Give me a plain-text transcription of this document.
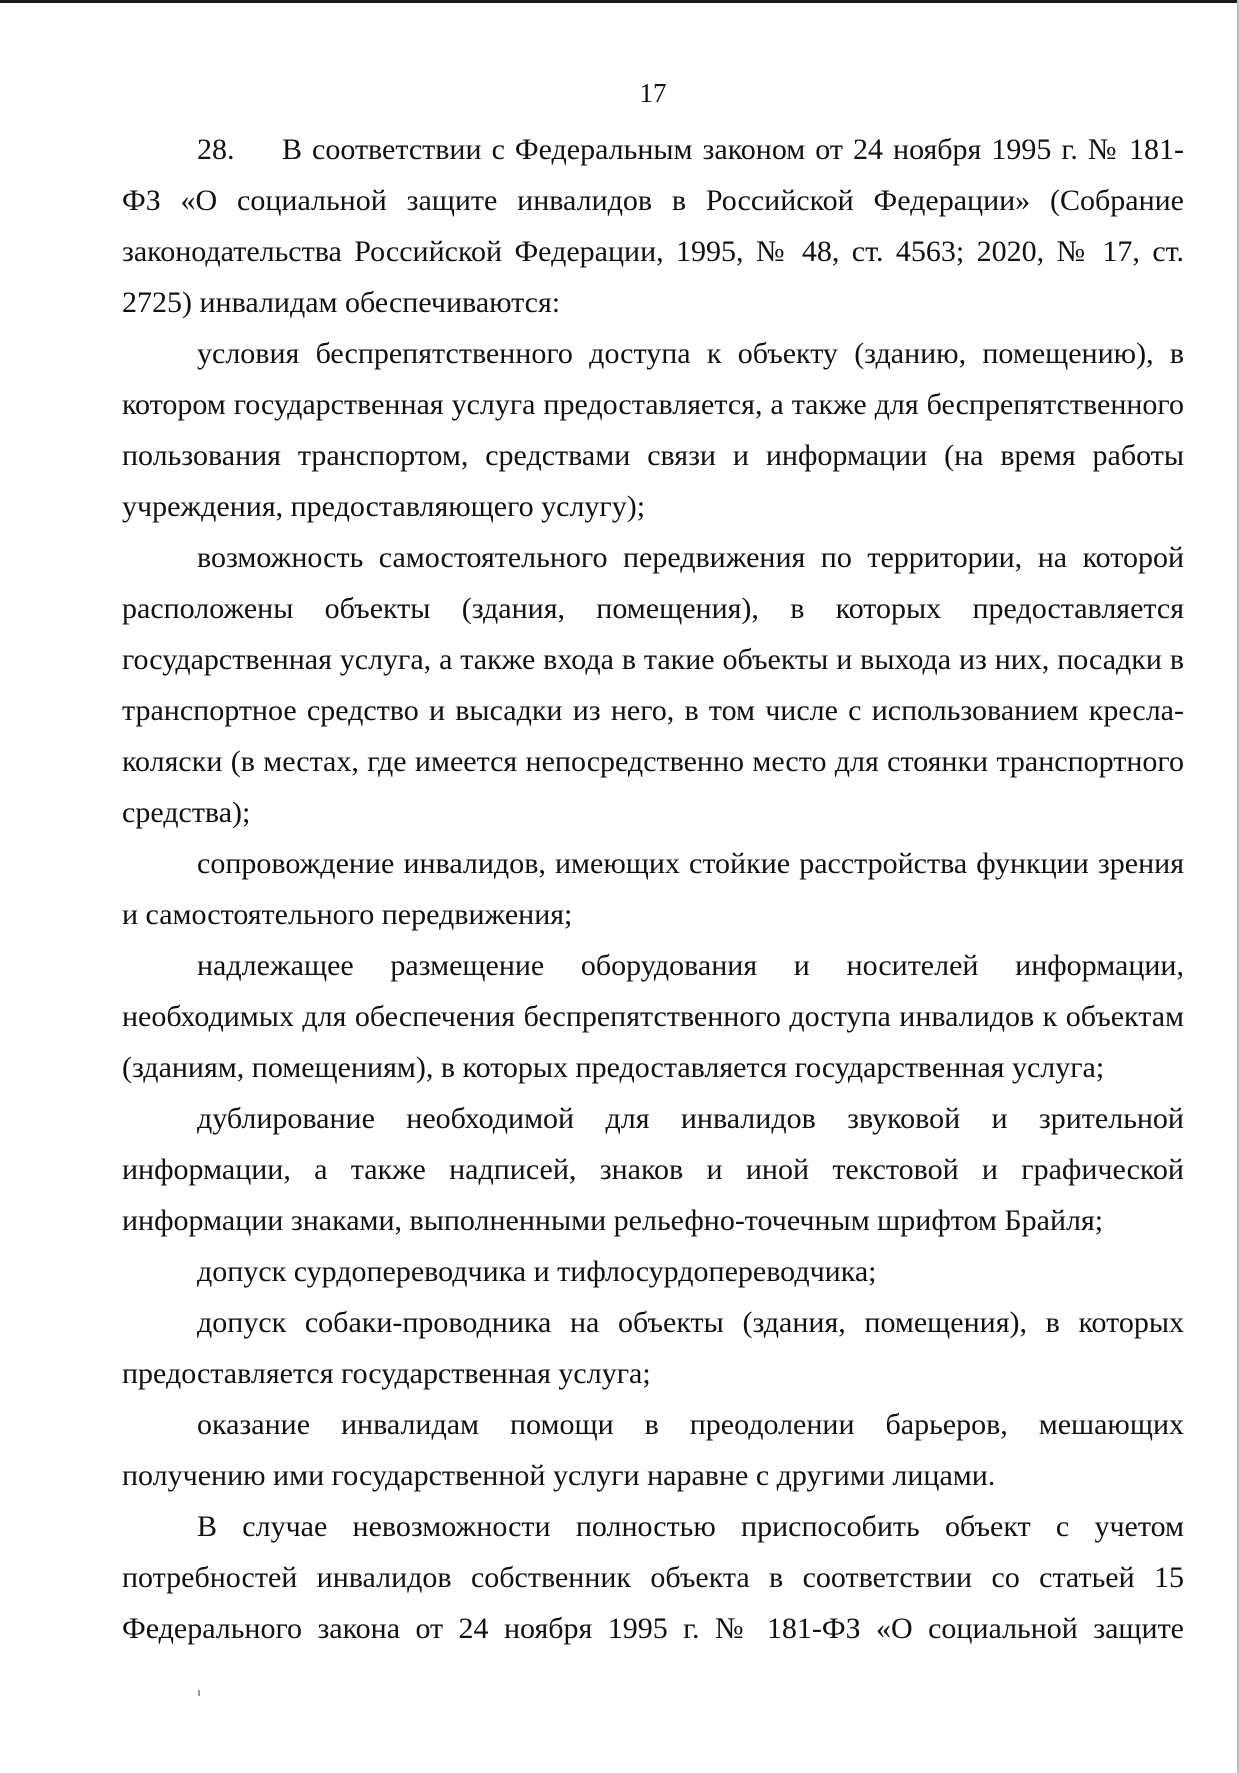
17

28. В соответствии с Федеральным законом от 24 ноября 1995 г. № 181-ФЗ «О социальной защите инвалидов в Российской Федерации» (Собрание законодательства Российской Федерации, 1995, № 48, ст. 4563; 2020, № 17, ст. 2725) инвалидам обеспечиваются:

условия беспрепятственного доступа к объекту (зданию, помещению), в котором государственная услуга предоставляется, а также для беспрепятственного пользования транспортом, средствами связи и информации (на время работы учреждения, предоставляющего услугу);

возможность самостоятельного передвижения по территории, на которой расположены объекты (здания, помещения), в которых предоставляется государственная услуга, а также входа в такие объекты и выхода из них, посадки в транспортное средство и высадки из него, в том числе с использованием кресла-коляски (в местах, где имеется непосредственно место для стоянки транспортного средства);

сопровождение инвалидов, имеющих стойкие расстройства функции зрения и самостоятельного передвижения;

надлежащее размещение оборудования и носителей информации, необходимых для обеспечения беспрепятственного доступа инвалидов к объектам (зданиям, помещениям), в которых предоставляется государственная услуга;

дублирование необходимой для инвалидов звуковой и зрительной информации, а также надписей, знаков и иной текстовой и графической информации знаками, выполненными рельефно-точечным шрифтом Брайля;

допуск сурдопереводчика и тифлосурдопереводчика;

допуск собаки-проводника на объекты (здания, помещения), в которых предоставляется государственная услуга;

оказание инвалидам помощи в преодолении барьеров, мешающих получению ими государственной услуги наравне с другими лицами.

В случае невозможности полностью приспособить объект с учетом потребностей инвалидов собственник объекта в соответствии со статьей 15 Федерального закона от 24 ноября 1995 г. № 181-ФЗ «О социальной защите
